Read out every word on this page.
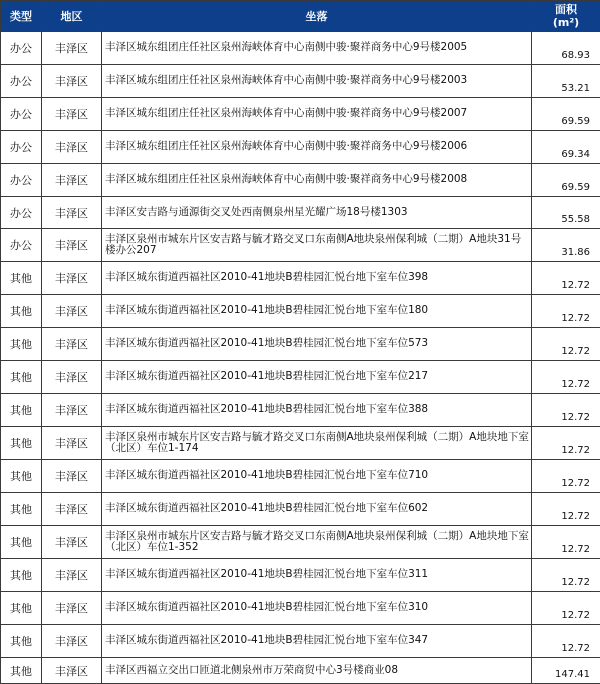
类型	地区	坐落	面积
(m²)
办公	丰泽区	丰泽区城东组团庄任社区泉州海峡体育中心南侧中骏·聚祥商务中心9号楼2005	68.93
办公	丰泽区	丰泽区城东组团庄任社区泉州海峡体育中心南侧中骏·聚祥商务中心9号楼2003	53.21
办公	丰泽区	丰泽区城东组团庄任社区泉州海峡体育中心南侧中骏·聚祥商务中心9号楼2007	69.59
办公	丰泽区	丰泽区城东组团庄任社区泉州海峡体育中心南侧中骏·聚祥商务中心9号楼2006	69.34
办公	丰泽区	丰泽区城东组团庄任社区泉州海峡体育中心南侧中骏·聚祥商务中心9号楼2008	69.59
办公	丰泽区	丰泽区安吉路与通源街交叉处西南侧泉州星光耀广场18号楼1303	55.58
办公	丰泽区	丰泽区泉州市城东片区安吉路与毓才路交叉口东南侧A地块泉州保利城（二期）A地块31号楼办公207	31.86
其他	丰泽区	丰泽区城东街道西福社区2010-41地块B碧桂园汇悦台地下室车位398	12.72
其他	丰泽区	丰泽区城东街道西福社区2010-41地块B碧桂园汇悦台地下室车位180	12.72
其他	丰泽区	丰泽区城东街道西福社区2010-41地块B碧桂园汇悦台地下室车位573	12.72
其他	丰泽区	丰泽区城东街道西福社区2010-41地块B碧桂园汇悦台地下室车位217	12.72
其他	丰泽区	丰泽区城东街道西福社区2010-41地块B碧桂园汇悦台地下室车位388	12.72
其他	丰泽区	丰泽区泉州市城东片区安吉路与毓才路交叉口东南侧A地块泉州保利城（二期）A地块地下室（北区）车位1-174	12.72
其他	丰泽区	丰泽区城东街道西福社区2010-41地块B碧桂园汇悦台地下室车位710	12.72
其他	丰泽区	丰泽区城东街道西福社区2010-41地块B碧桂园汇悦台地下室车位602	12.72
其他	丰泽区	丰泽区泉州市城东片区安吉路与毓才路交叉口东南侧A地块泉州保利城（二期）A地块地下室（北区）车位1-352	12.72
其他	丰泽区	丰泽区城东街道西福社区2010-41地块B碧桂园汇悦台地下室车位311	12.72
其他	丰泽区	丰泽区城东街道西福社区2010-41地块B碧桂园汇悦台地下室车位310	12.72
其他	丰泽区	丰泽区城东街道西福社区2010-41地块B碧桂园汇悦台地下室车位347	12.72
其他	丰泽区	丰泽区西福立交出口匝道北侧泉州市万荣商贸中心3号楼商业08	147.41
